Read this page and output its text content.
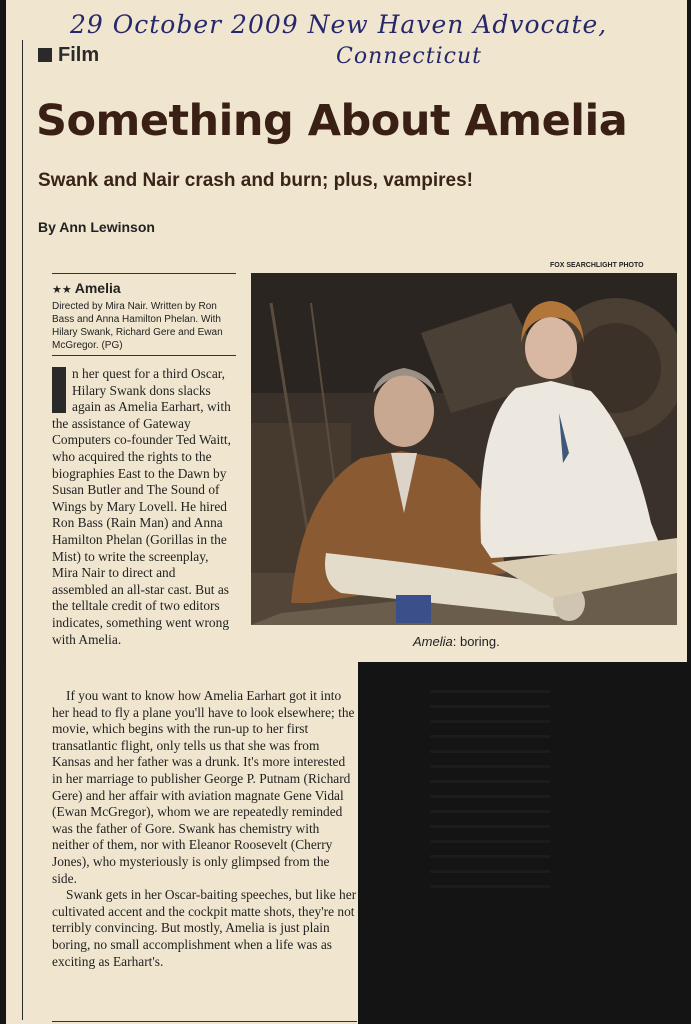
29 October 2009 New Haven Advocate,
Connecticut
Film
Something About Amelia
Swank and Nair crash and burn; plus, vampires!
By Ann Lewinson
★★ Amelia
Directed by Mira Nair. Written by Ron Bass and Anna Hamilton Phelan. With Hilary Swank, Richard Gere and Ewan McGregor. (PG)
FOX SEARCHLIGHT PHOTO
Amelia: boring.

n her quest for a third Oscar, Hilary Swank dons slacks again as Amelia Earhart, with the assistance of Gateway Computers co-founder Ted Waitt, who acquired the rights to the biographies East to the Dawn by Susan Butler and The Sound of Wings by Mary Lovell. He hired Ron Bass (Rain Man) and Anna Hamilton Phelan (Gorillas in the Mist) to write the screenplay, Mira Nair to direct and assembled an all-star cast. But as the telltale credit of two editors indicates, something went wrong with Amelia.

If you want to know how Amelia Earhart got it into her head to fly a plane you'll have to look elsewhere; the movie, which begins with the run-up to her first transatlantic flight, only tells us that she was from Kansas and her father was a drunk. It's more interested in her marriage to publisher George P. Putnam (Richard Gere) and her affair with aviation magnate Gene Vidal (Ewan McGregor), whom we are repeatedly reminded was the father of Gore. Swank has chemistry with neither of them, nor with Eleanor Roosevelt (Cherry Jones), who mysteriously is only glimpsed from the side.

Swank gets in her Oscar-baiting speeches, but like her cultivated accent and the cockpit matte shots, they're not terribly convincing. But mostly, Amelia is just plain boring, no small accomplishment when a life was as exciting as Earhart's.
